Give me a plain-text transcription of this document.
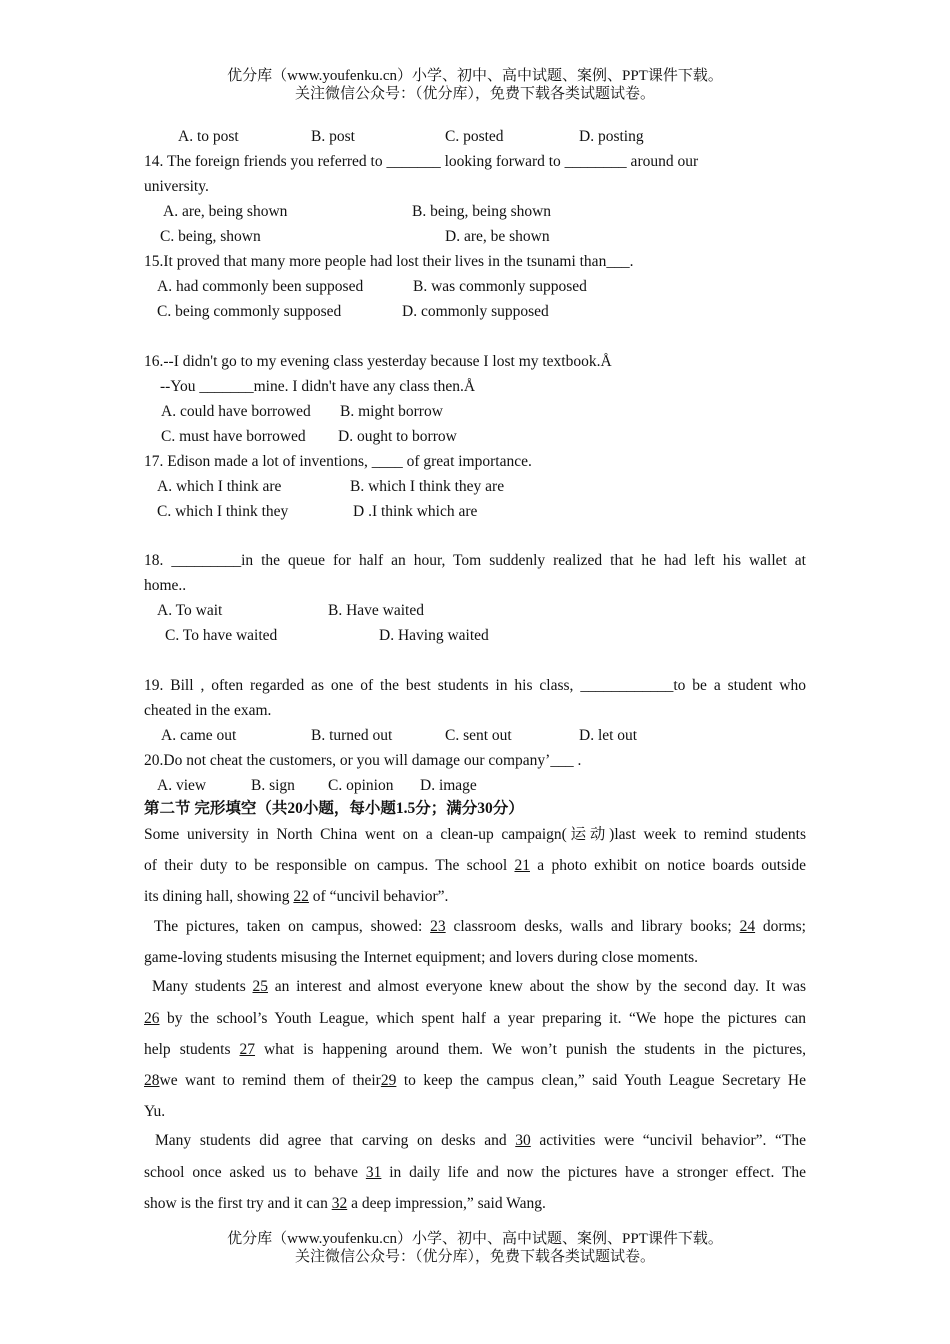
优分库（www.youfenku.cn）小学、初中、高中试题、案例、PPT课件下载。
关注微信公众号：（优分库），免费下载各类试题试卷。
A. to post	B. post	C. posted	D. posting
14. The foreign friends you referred to _______ looking forward to ________ around our
university.
A. are, being shown	B. being, being shown
C. being, shown	D. are, be shown
15.It proved that many more people had lost their lives in the tsunami than___.
A. had commonly been supposed	B. was commonly supposed
C. being commonly supposed	D. commonly supposed
16.--I didn't go to my evening class yesterday because I lost my textbook.Å
--You _______mine. I didn't have any class then.Å
A. could have borrowed B. might borrow
C. must have borrowed D. ought to borrow
17. Edison made a lot of inventions, ____ of great importance.
A. which I think are	B. which I think they are
C. which I think they	D .I think which are
18. _________in the queue for half an hour, Tom suddenly realized that he had left his wallet at
home..
A. To wait	B. Have waited
C. To have waited	D. Having waited
19. Bill , often regarded as one of the best students in his class, ____________to be a student who
cheated in the exam.
A. came out	B. turned out	C. sent out	D. let out
20.Do not cheat the customers, or you will damage our company’___ .
A. view	B. sign C. opinion D. image
第二节 完形填空（共20小题，每小题1.5分；满分30分）
Some university in North China went on a clean-up campaign(运动)last week to remind students
of their duty to be responsible on campus. The school 21 a photo exhibit on notice boards outside
its dining hall, showing 22 of “uncivil behavior”.
The pictures, taken on campus, showed: 23 classroom desks, walls and library books; 24 dorms;
game-loving students misusing the Internet equipment; and lovers during close moments.
Many students 25 an interest and almost everyone knew about the show by the second day. It was
26 by the school’s Youth League, which spent half a year preparing it. “We hope the pictures can
help students 27 what is happening around them. We won’t punish the students in the pictures,
28we want to remind them of their29 to keep the campus clean,” said Youth League Secretary He
Yu.
Many students did agree that carving on desks and 30 activities were “uncivil behavior”. “The
school once asked us to behave 31 in daily life and now the pictures have a stronger effect. The
show is the first try and it can 32 a deep impression,” said Wang.
优分库（www.youfenku.cn）小学、初中、高中试题、案例、PPT课件下载。
关注微信公众号：（优分库），免费下载各类试题试卷。
